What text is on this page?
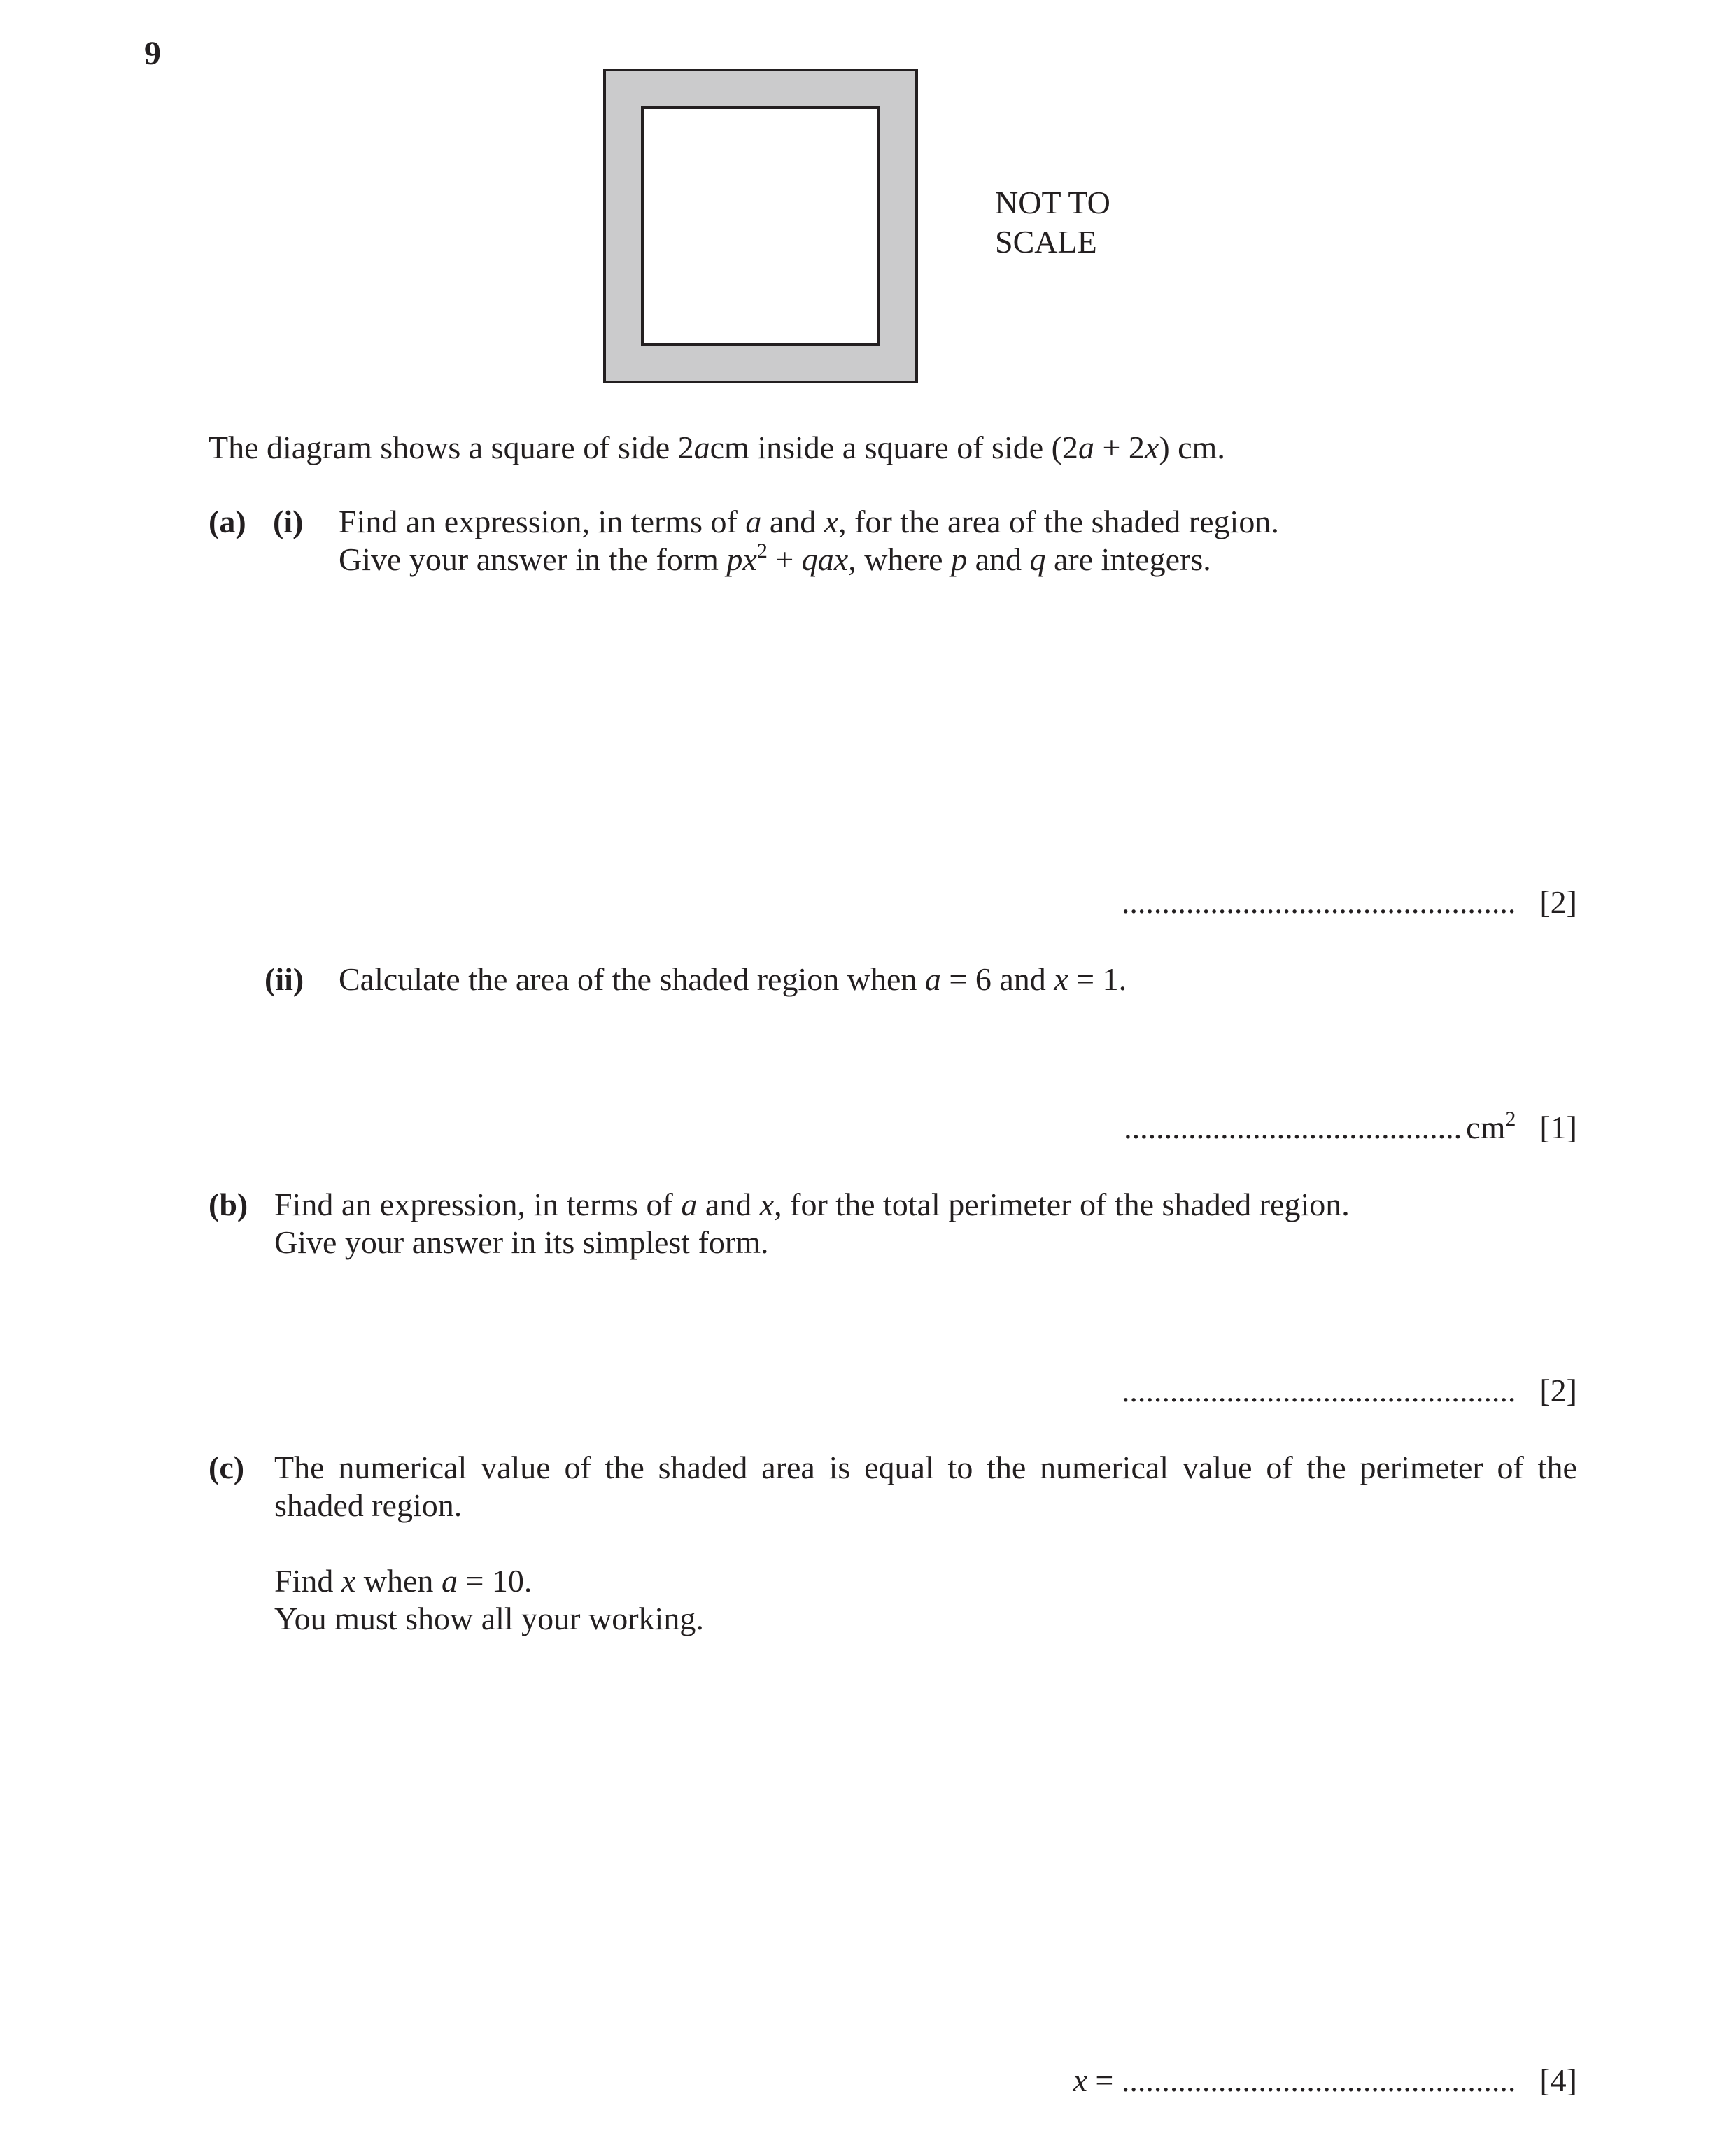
9
NOT TO
SCALE
The diagram shows a square of side 2acm inside a square of side (2a + 2x) cm.
(a) (i) Find an expression, in terms of a and x, for the area of the shaded region.
Give your answer in the form $px^2$ + qax, where p and q are integers.
................................................. [2]
(ii) Calculate the area of the shaded region when a = 6 and x = 1.
.......................................... $cm^2$ [1]
(b) Find an expression, in terms of a and x, for the total perimeter of the shaded region.
Give your answer in its simplest form.
................................................. [2]
(c) The numerical value of the shaded area is equal to the numerical value of the perimeter of the
shaded region.
Find x when a = 10.
You must show all your working.
x = ................................................. [4]
